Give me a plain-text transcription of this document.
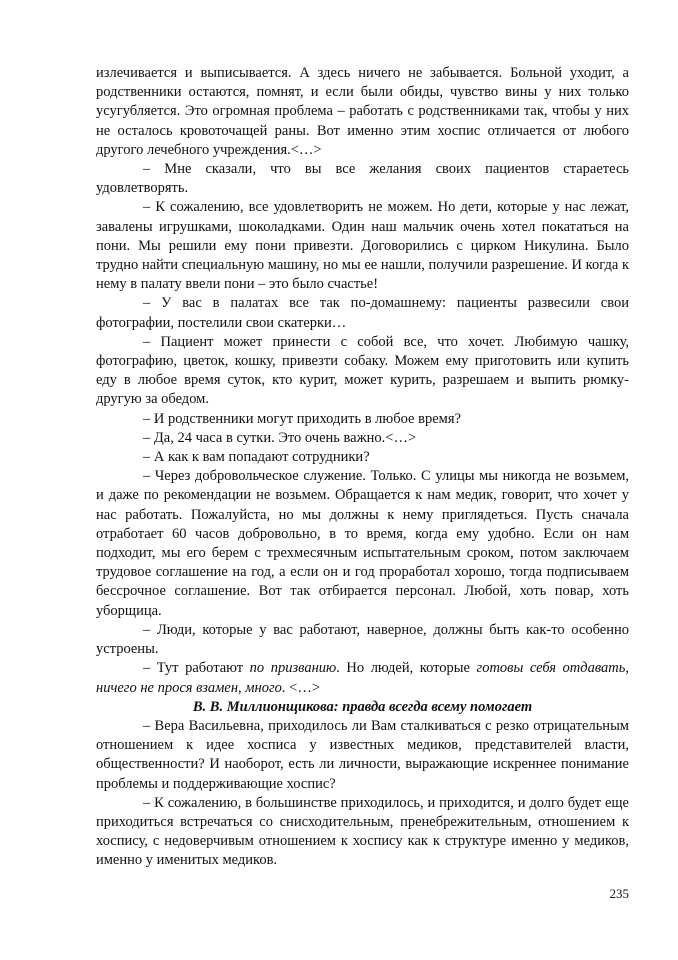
излечивается и выписывается. А здесь ничего не забывается. Больной уходит, а родственники остаются, помнят, и если были обиды, чувство вины у них только усугубляется. Это огромная проблема – работать с родственниками так, чтобы у них не осталось кровоточащей раны. Вот именно этим хоспис отличается от любого другого лечебного учреждения.<…>

– Мне сказали, что вы все желания своих пациентов стараетесь удовлетворять.

– К сожалению, все удовлетворить не можем. Но дети, которые у нас лежат, завалены игрушками, шоколадками. Один наш мальчик очень хотел покататься на пони. Мы решили ему пони привезти. Договорились с цирком Никулина. Было трудно найти специальную машину, но мы ее нашли, получили разрешение. И когда к нему в палату ввели пони – это было счастье!

– У вас в палатах все так по-домашнему: пациенты развесили свои фотографии, постелили свои скатерки…

– Пациент может принести с собой все, что хочет. Любимую чашку, фотографию, цветок, кошку, привезти собаку. Можем ему приготовить или купить еду в любое время суток, кто курит, может курить, разрешаем и выпить рюмку-другую за обедом.

– И родственники могут приходить в любое время?

– Да, 24 часа в сутки. Это очень важно.<…>

– А как к вам попадают сотрудники?

– Через добровольческое служение. Только. С улицы мы никогда не возьмем, и даже по рекомендации не возьмем. Обращается к нам медик, говорит, что хочет у нас работать. Пожалуйста, но мы должны к нему приглядеться. Пусть сначала отработает 60 часов добровольно, в то время, когда ему удобно. Если он нам подходит, мы его берем с трехмесячным испытательным сроком, потом заключаем трудовое соглашение на год, а если он и год проработал хорошо, тогда подписываем бессрочное соглашение. Вот так отбирается персонал. Любой, хоть повар, хоть уборщица.

– Люди, которые у вас работают, наверное, должны быть как-то особенно устроены.

– Тут работают по призванию. Но людей, которые готовы себя отдавать, ничего не прося взамен, много. <…>

В. В. Миллионщикова: правда всегда всему помогает

– Вера Васильевна, приходилось ли Вам сталкиваться с резко отрицательным отношением к идее хосписа у известных медиков, представителей власти, общественности? И наоборот, есть ли личности, выражающие искреннее понимание проблемы и поддерживающие хоспис?

– К сожалению, в большинстве приходилось, и приходится, и долго будет еще приходиться встречаться со снисходительным, пренебрежительным, отношением к хоспису, с недоверчивым отношением к хоспису как к структуре именно у медиков, именно у именитых медиков.

235
